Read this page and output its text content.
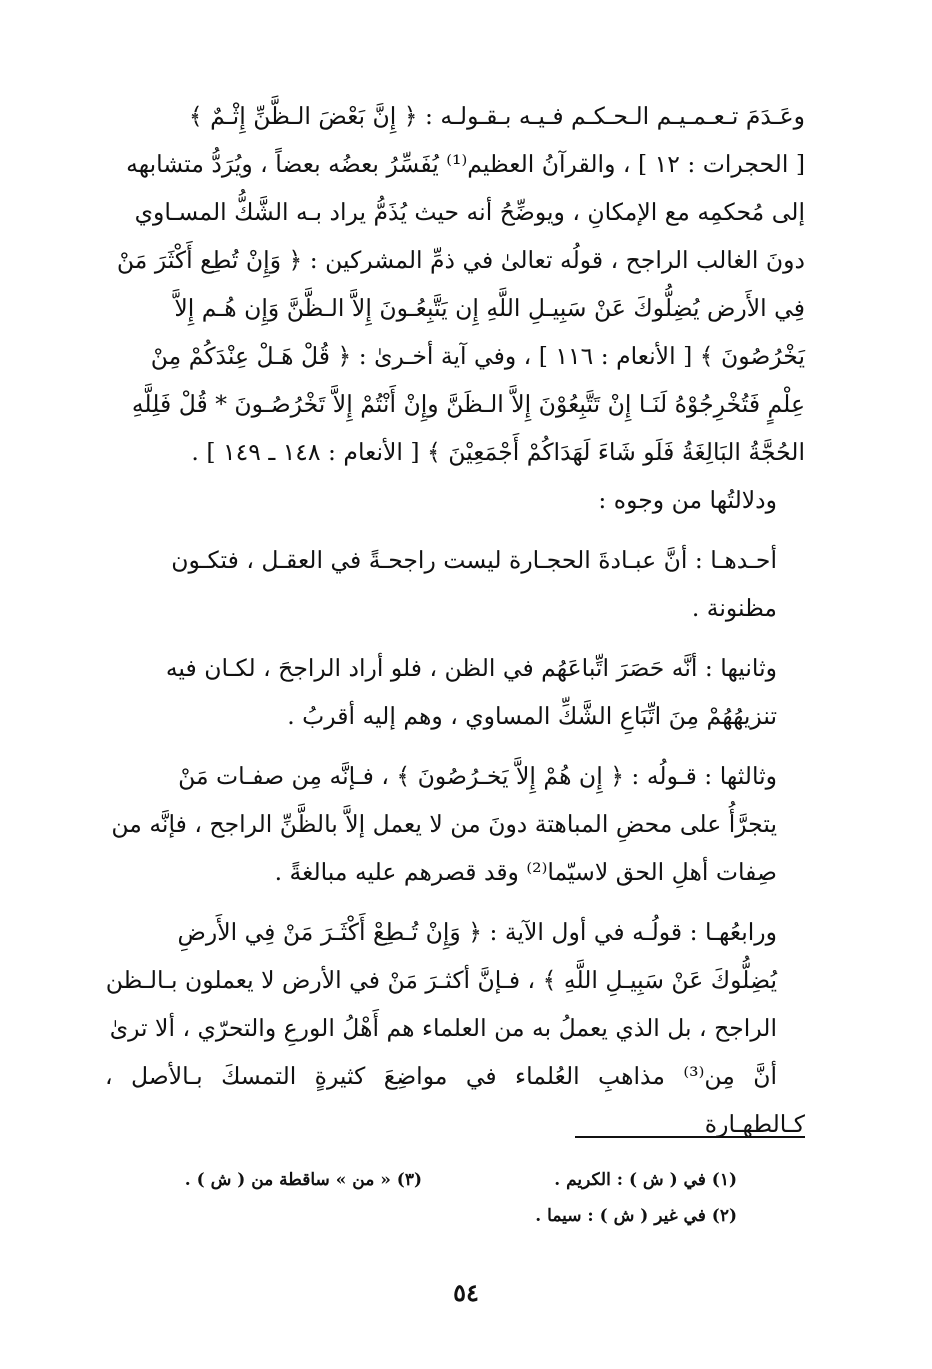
وعَـدَمَ تـعـمـيـم الـحـكـم فـيـه بـقـولـه : ﴿ إِنَّ بَعْضَ الـظَّنِّ إِثْـمٌ ﴾
[ الحجرات : ١٢ ] ، والقرآنُ العظيم⁽¹⁾ يُفَسِّرُ بعضُه بعضاً ، ويُرَدُّ متشابهه
إلى مُحكمِه مع الإمكانِ ، ويوضِّحُ أنه حيث يُذَمُّ يراد بـه الشَّكُّ المسـاوي
دونَ الغالب الراجح ، قولُه تعالىٰ في ذمِّ المشركين : ﴿ وَإِنْ تُطِع أَكْثَرَ مَنْ
فِي الأَرض يُضِلُّوكَ عَنْ سَبِيـلِ اللَّهِ إِن يَتَّبِعُـونَ إِلاَّ الـظَّنَّ وَإِن هُـم إِلاَّ
يَخْرُصُونَ ﴾ [ الأنعام : ١١٦ ] ، وفي آية أخـرىٰ : ﴿ قُلْ هَـلْ عِنْدَكُمْ مِنْ
عِلْمٍ فَتُخْرِجُوْهُ لَنَـا إِنْ تَتَّبِعُوْنَ إِلاَّ الـظَنَّ وإِنْ أَنْتُمْ إِلاَّ تَخْرُصُـونَ * قُلْ فَلِلَّهِ
الحُجَّةُ البَالِغَةُ فَلَو شَاءَ لَهَدَاكُمْ أَجْمَعِيْنَ ﴾ [ الأنعام : ١٤٨ ـ ١٤٩ ] .

ودلالتُها من وجوه :

أحـدهـا : أنَّ عبـادةَ الحجـارة ليست راجحـةً في العقـل ، فتكـون
مظنونة .

وثانيها : أنَّه حَصَرَ اتِّباعَهُم في الظن ، فلو أراد الراجحَ ، لكـان فيه
تنزيهُهُمْ مِنَ اتِّبَاعِ الشَّكِّ المساوي ، وهم إليه أقربُ .

وثالثها : قـولُه : ﴿ إِن هُمْ إِلاَّ يَخـرُصُونَ ﴾ ، فـإنَّه مِن صفـات مَنْ
يتجرَّأُ على محضِ المباهتة دونَ من لا يعمل إلاَّ بالظَّنِّ الراجح ، فإنَّه من
صِفات أهلِ الحق لاسيّما⁽²⁾ وقد قصرهم عليه مبالغةً .

ورابعُهـا : قولُـه في أول الآية : ﴿ وَإِنْ تُـطِعْ أَكْثَـرَ مَنْ فِي الأَرضِ
يُضِلُّوكَ عَنْ سَبِيـلِ اللَّهِ ﴾ ، فـإنَّ أكثـرَ مَنْ في الأرض لا يعملون بـالـظن
الراجح ، بل الذي يعملُ به من العلماء هم أَهْلُ الورعِ والتحرّي ، ألا ترىٰ
أنَّ مِن⁽³⁾ مذاهبِ العُلماء في مواضِعَ كثيرةٍ التمسكَ بـالأصل ، كـالطهـارة

(١) في ( ش ) : الكريم .
(٢) في غير ( ش ) : سيما .
(٣) « من » ساقطة من ( ش ) .
٥٤
